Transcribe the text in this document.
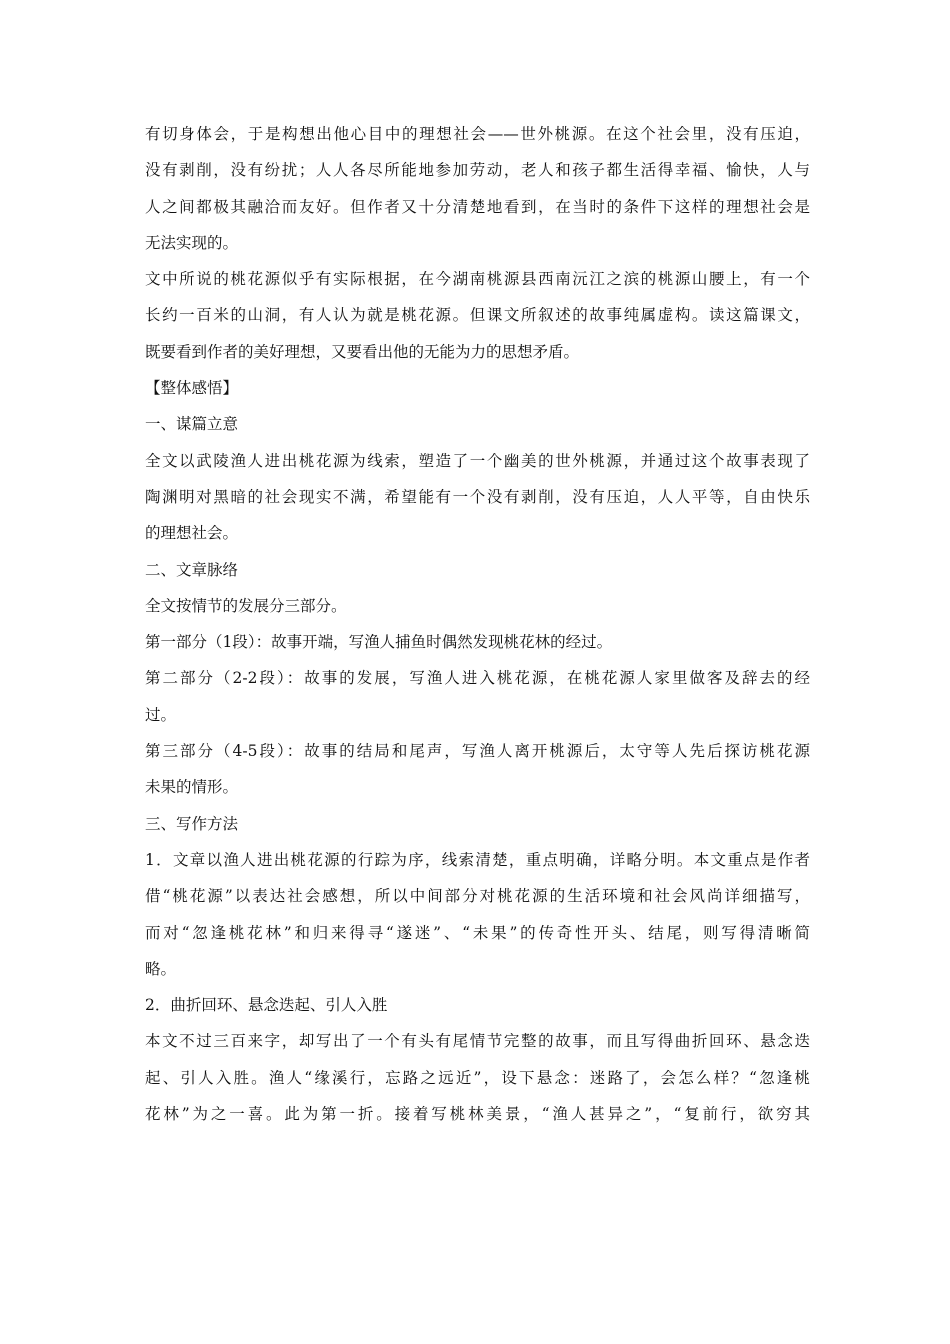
有切身体会，于是构想出他心目中的理想社会——世外桃源。在这个社会里，没有压迫，
没有剥削，没有纷扰；人人各尽所能地参加劳动，老人和孩子都生活得幸福、愉快，人与
人之间都极其融洽而友好。但作者又十分清楚地看到，在当时的条件下这样的理想社会是
无法实现的。
文中所说的桃花源似乎有实际根据，在今湖南桃源县西南沅江之滨的桃源山腰上，有一个
长约一百米的山洞，有人认为就是桃花源。但课文所叙述的故事纯属虚构。读这篇课文，
既要看到作者的美好理想，又要看出他的无能为力的思想矛盾。
【整体感悟】
一、谋篇立意
全文以武陵渔人进出桃花源为线索，塑造了一个幽美的世外桃源，并通过这个故事表现了
陶渊明对黑暗的社会现实不满，希望能有一个没有剥削，没有压迫，人人平等，自由快乐
的理想社会。
二、文章脉络
全文按情节的发展分三部分。
第一部分（1段）：故事开端，写渔人捕鱼时偶然发现桃花林的经过。
第二部分（2-2段）：故事的发展，写渔人进入桃花源，在桃花源人家里做客及辞去的经
过。
第三部分（4-5段）：故事的结局和尾声，写渔人离开桃源后，太守等人先后探访桃花源
未果的情形。
三、写作方法
1．文章以渔人进出桃花源的行踪为序，线索清楚，重点明确，详略分明。本文重点是作者
借“桃花源”以表达社会感想，所以中间部分对桃花源的生活环境和社会风尚详细描写，
而对“忽逢桃花林”和归来得寻“遂迷”、“未果”的传奇性开头、结尾，则写得清晰简
略。
2．曲折回环、悬念迭起、引人入胜
本文不过三百来字，却写出了一个有头有尾情节完整的故事，而且写得曲折回环、悬念迭
起、引人入胜。渔人“缘溪行，忘路之远近”，设下悬念：迷路了，会怎么样？“忽逢桃
花林”为之一喜。此为第一折。接着写桃林美景，“渔人甚异之”，“复前行，欲穷其
